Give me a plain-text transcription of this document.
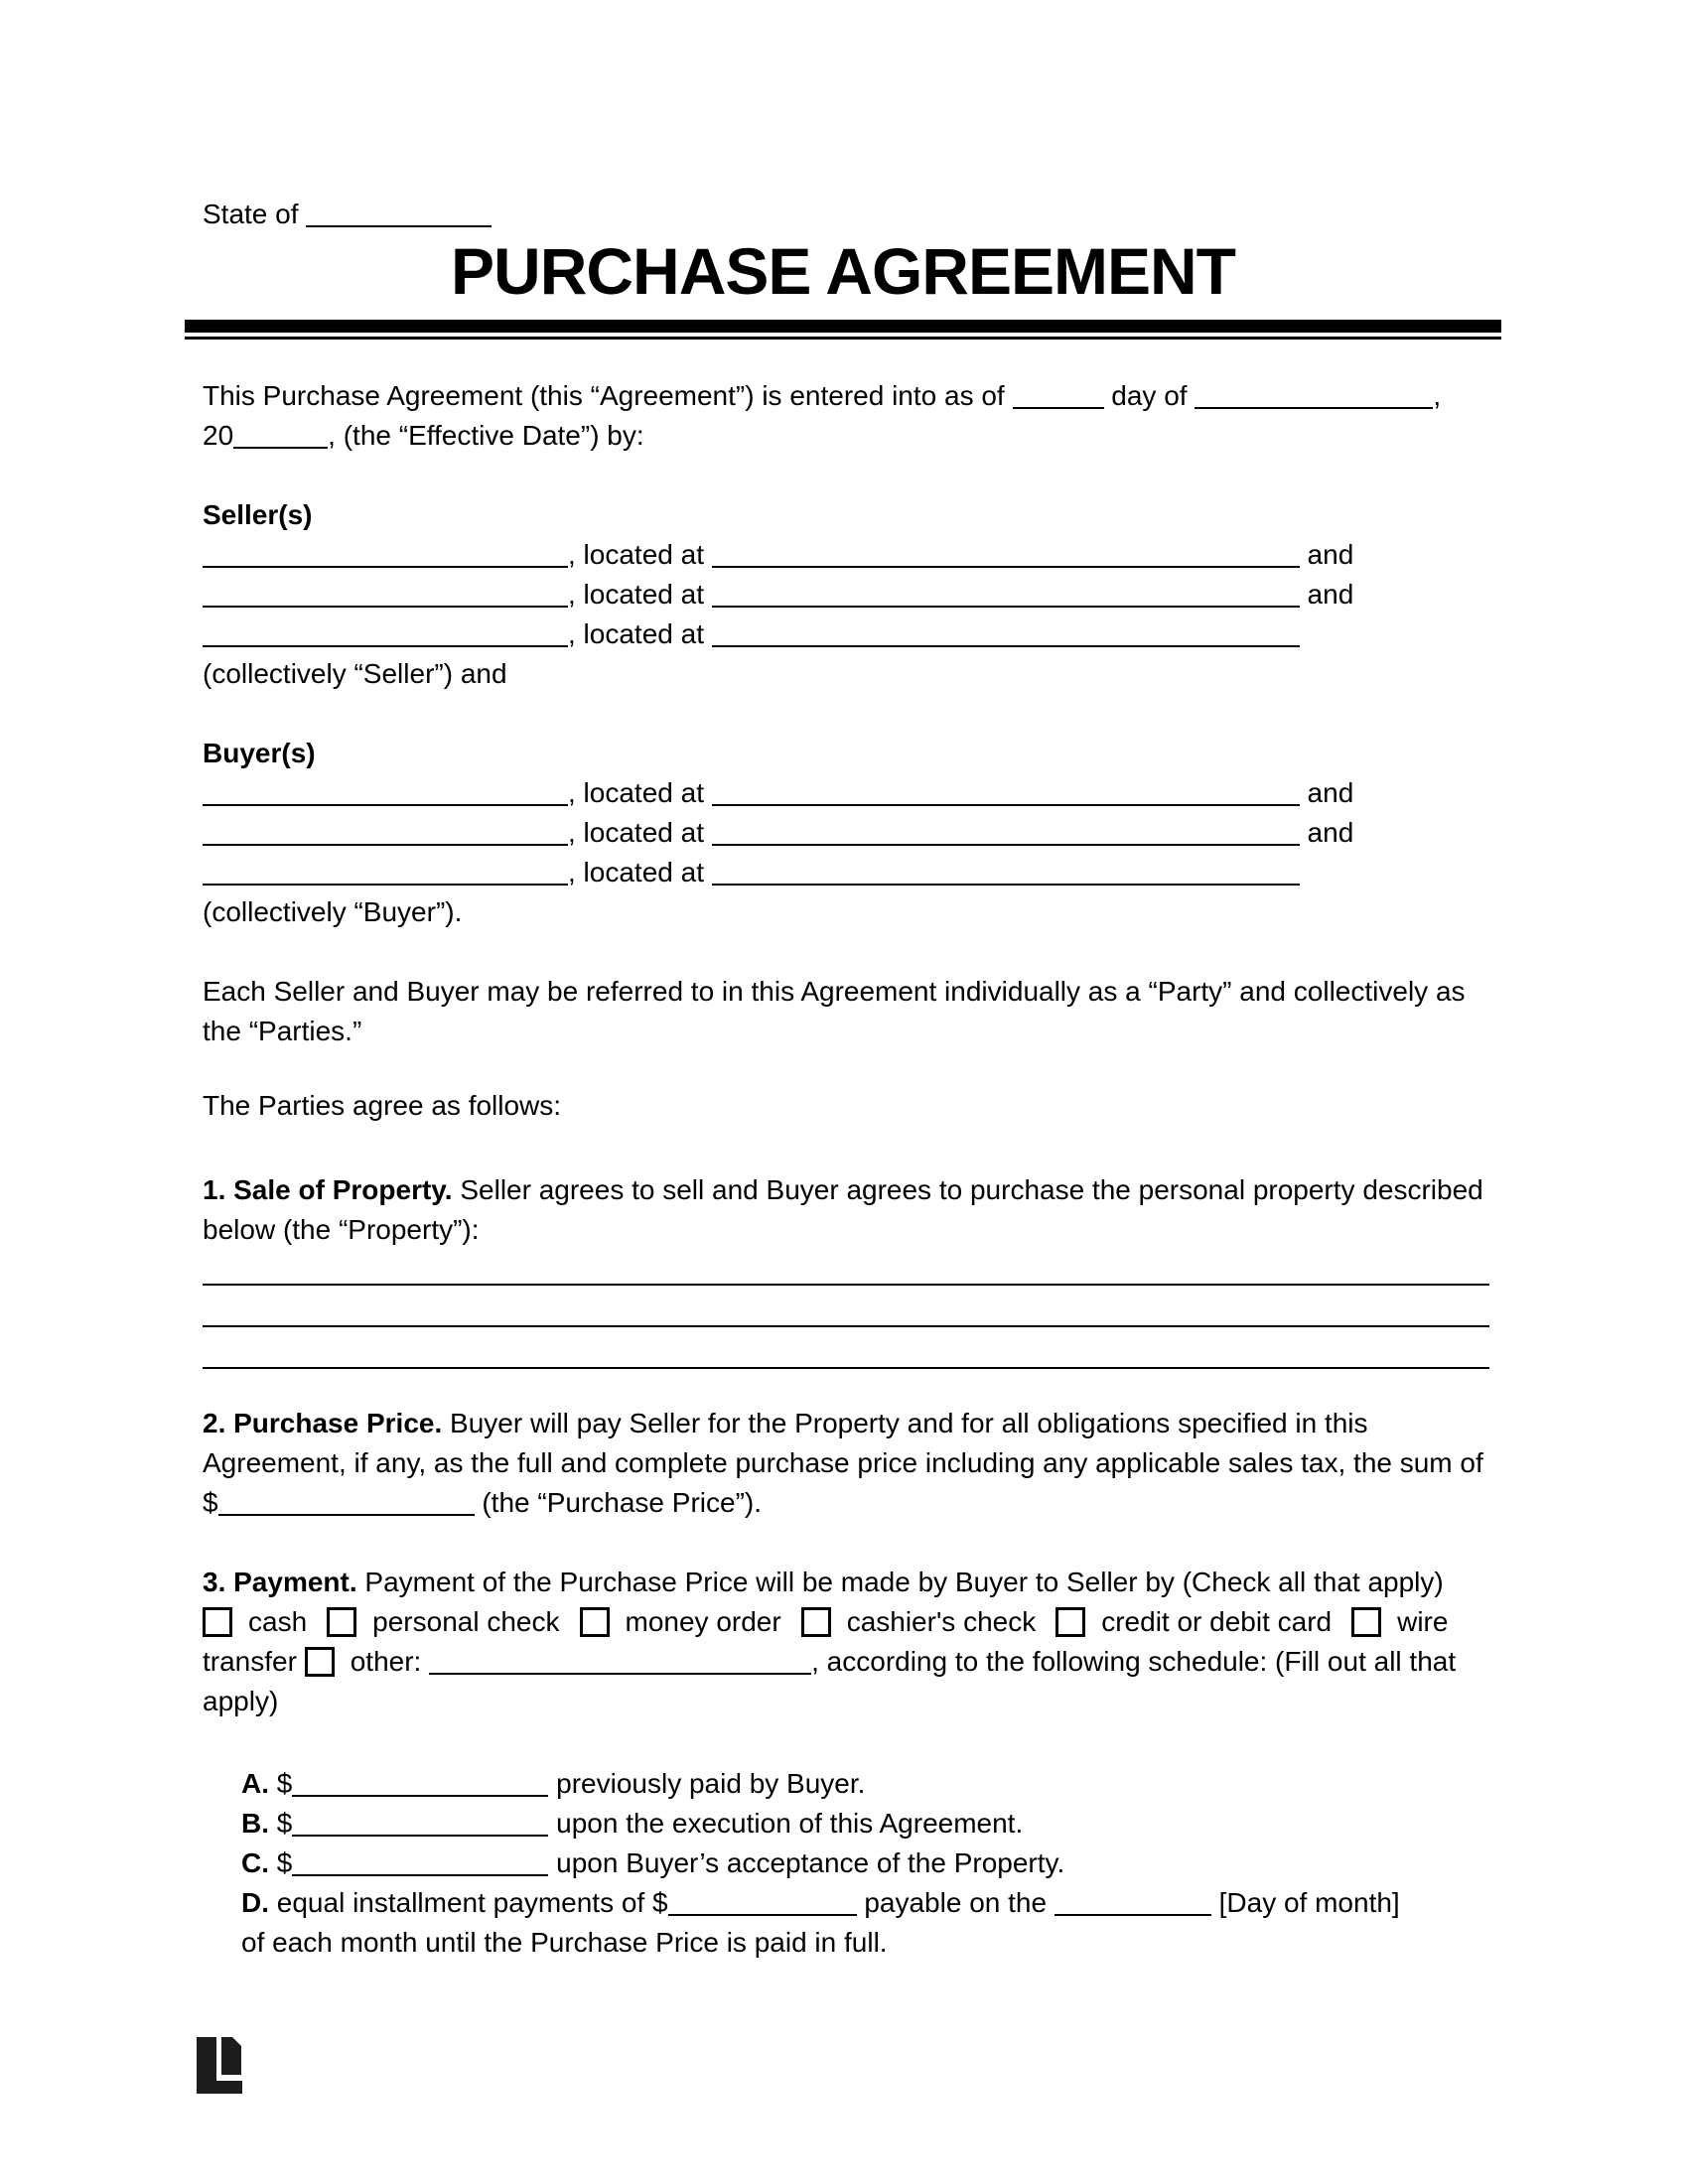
State of
PURCHASE AGREEMENT
This Purchase Agreement (this “Agreement”) is entered into as of	day of	,
20	, (the “Effective Date”) by:
Seller(s)
, located at	and
, located at	and
, located at
(collectively “Seller”) and
Buyer(s)
, located at	and
, located at	and
, located at
(collectively “Buyer”).
Each Seller and Buyer may be referred to in this Agreement individually as a “Party” and collectively as
the “Parties.”
The Parties agree as follows:
1. Sale of Property. Seller agrees to sell and Buyer agrees to purchase the personal property described
below (the “Property”):
2. Purchase Price. Buyer will pay Seller for the Property and for all obligations specified in this
Agreement, if any, as the full and complete purchase price including any applicable sales tax, the sum of
$	(the “Purchase Price”).
3. Payment. Payment of the Purchase Price will be made by Buyer to Seller by (Check all that apply)
cash personal check money order cashier's check credit or debit card wire
transfer other:	, according to the following schedule: (Fill out all that
apply)
A. $	previously paid by Buyer.
B. $	upon the execution of this Agreement.
C. $	upon Buyer’s acceptance of the Property.
D. equal installment payments of $	payable on the	[Day of month]
of each month until the Purchase Price is paid in full.
